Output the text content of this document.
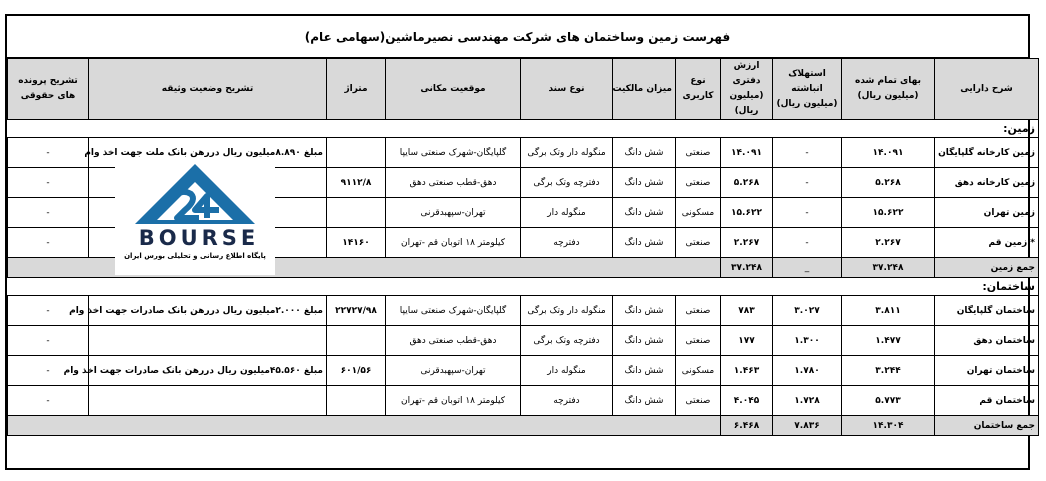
فهرست زمین وساختمان های شرکت مهندسی نصیرماشین(سهامی عام)
شرح دارایی	بهای تمام شده (میلیون ریال)	استهلاک انباشته (میلیون ریال)	ارزش دفتری (میلیون ریال)	نوع کاربری	میزان مالکیت	نوع سند	موقعیت مکانی	متراژ	تشریح وضعیت وثیقه	تشریح پرونده های حقوقی
زمین:										
زمین کارخانه گلپایگان	۱۴.۰۹۱	-	۱۴.۰۹۱	صنعتی	شش دانگ	منگوله دار وتک برگی	گلپایگان-شهرک صنعتی سایپا		مبلغ ۸.۸۹۰میلیون ریال دررهن بانک ملت جهت اخذ وام	-
زمین کارخانه دهق	۵.۲۶۸	-	۵.۲۶۸	صنعتی	شش دانگ	دفترچه وتک برگی	دهق-قطب صنعتی دهق	۹۱۱۲/۸		-
زمین تهران	۱۵.۶۲۲	-	۱۵.۶۲۲	مسکونی	شش دانگ	منگوله دار	تهران-سپهبدقرنی			-
* زمین قم	۲.۲۶۷	-	۲.۲۶۷	صنعتی	شش دانگ	دفترچه	کیلومتر ۱۸ اتوبان قم -تهران	۱۴۱۶۰		-
جمع زمین	۳۷.۲۴۸	_	۳۷.۲۴۸							
ساختمان:										
ساختمان گلپایگان	۳.۸۱۱	۳.۰۲۷	۷۸۳	صنعتی	شش دانگ	منگوله دار وتک برگی	گلپایگان-شهرک صنعتی سایپا	۲۲۷۲۷/۹۸	مبلغ ۲.۰۰۰میلیون ریال دررهن بانک صادرات جهت اخذ وام	-
ساختمان دهق	۱.۴۷۷	۱.۳۰۰	۱۷۷	صنعتی	شش دانگ	دفترچه وتک برگی	دهق-قطب صنعتی دهق			-
ساختمان تهران	۳.۲۴۴	۱.۷۸۰	۱.۴۶۳	مسکونی	شش دانگ	منگوله دار	تهران-سپهبدقرنی	۶۰۱/۵۶	مبلغ ۴۵.۵۶۰میلیون ریال دررهن بانک صادرات جهت اخذ وام	-
ساختمان قم	۵.۷۷۳	۱.۷۲۸	۴.۰۴۵	صنعتی	شش دانگ	دفترچه	کیلومتر ۱۸ اتوبان قم -تهران			-
جمع ساختمان	۱۴.۳۰۴	۷.۸۳۶	۶.۴۶۸							
BOURSE
پایگاه اطلاع رسانی و تحلیلی بورس ایران
